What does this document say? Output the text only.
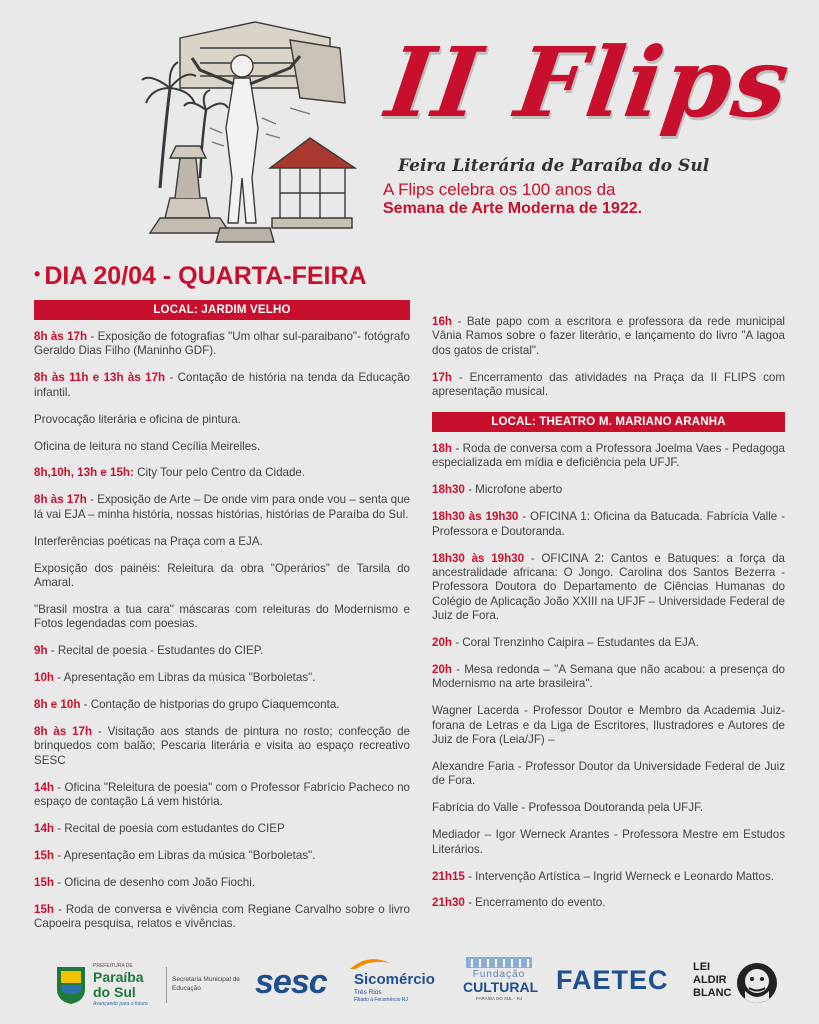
II Flips
Feira Literária de Paraíba do Sul
A Flips celebra os 100 anos da
Semana de Arte Moderna de 1922.
• DIA 20/04 - QUARTA-FEIRA
LOCAL: JARDIM VELHO

8h às 17h - Exposição de fotografias "Um olhar sul-paraibano"- fotógrafo Geraldo Dias Filho (Maninho GDF).

8h às 11h e 13h às 17h - Contação de história na tenda da Educação infantil.

Provocação literária e oficina de pintura.

Oficina de leitura no stand Cecília Meirelles.

8h,10h, 13h e 15h: City Tour pelo Centro da Cidade.

8h às 17h - Exposição de Arte – De onde vim para onde vou – senta que lá vai EJA – minha história, nossas histórias, histórias de Paraíba do Sul.

Interferências poéticas na Praça com a EJA.

Exposição dos painéis: Releitura da obra "Operários" de Tarsila do Amaral.

"Brasil mostra a tua cara" máscaras com releituras do Modernismo e Fotos legendadas com poesias.

9h - Recital de poesia - Estudantes do CIEP.

10h - Apresentação em Libras da música "Borboletas".

8h e 10h - Contação de histporias do grupo Ciaquemconta.

8h às 17h - Visitação aos stands de pintura no rosto; confecção de brinquedos com balão; Pescaria literária e visita ao espaço recreativo SESC

14h - Oficina "Releitura de poesia" com o Professor Fabrício Pacheco no espaço de contação Lá vem história.

14h - Recital de poesia com estudantes do CIEP

15h - Apresentação em Libras da música "Borboletas".

15h - Oficina de desenho com João Fiochi.

15h - Roda de conversa e vivência com Regiane Carvalho sobre o livro Capoeira pesquisa, relatos e vivências.

16h - Bate papo com a escritora e professora da rede municipal Vânia Ramos sobre o fazer literário, e lançamento do livro "A lagoa dos gatos de cristal".

17h - Encerramento das atividades na Praça da II FLIPS com apresentação musical.

LOCAL: THEATRO M. MARIANO ARANHA

18h - Roda de conversa com a Professora Joelma Vaes - Pedagoga especializada em mídia e deficiência pela UFJF.

18h30 - Microfone aberto

18h30 às 19h30 - OFICINA 1: Oficina da Batucada. Fabrícia Valle - Professora e Doutoranda.

18h30 às 19h30 - OFICINA 2: Cantos e Batuques: a força da ancestralidade africana: O Jongo. Carolina dos Santos Bezerra - Professora Doutora do Departamento de Ciências Humanas do Colégio de Aplicação João XXIII na UFJF – Universidade Federal de Juiz de Fora.

20h - Coral Trenzinho Caipira – Estudantes da EJA.

20h - Mesa redonda – "A Semana que não acabou: a presença do Modernismo na arte brasileira".

Wagner Lacerda - Professor Doutor e Membro da Academia Juiz-forana de Letras e da Liga de Escritores, Ilustradores e Autores de Juiz de Fora (Leia/JF) –

Alexandre Faria - Professor Doutor da Universidade Federal de Juiz de Fora.

Fabrícia do Valle - Professoa Doutoranda pela UFJF.

Mediador – Igor Werneck Arantes - Professora Mestre em Estudos Literários.

21h15 - Intervenção Artística – Ingrid Werneck e Leonardo Mattos.

21h30 - Encerramento do evento.

PREFEITURA DE
Paraíba
do Sul
Avançando para o futuro
Secretaria Municipal de
Educação	sesc Sicomércio
Três Rios
Filiado à Fecomércio RJ
Fundação
CULTURAL
PARAÍBA DO SUL - RJ
FAETEC LEI
ALDIR
BLANC
